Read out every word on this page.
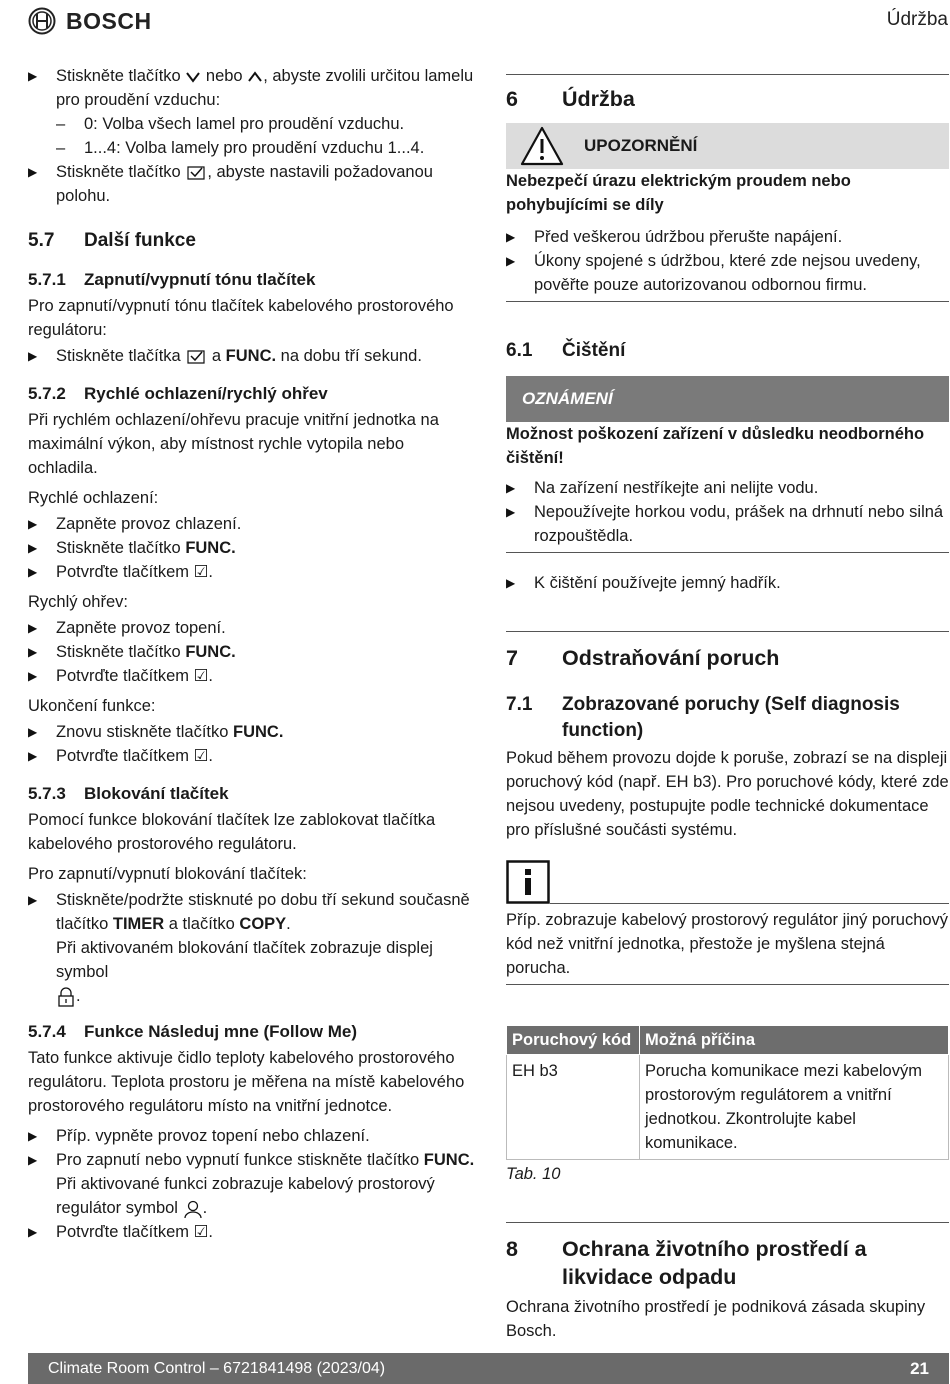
BOSCH	Údržba
▶	Stiskněte tlačítko  nebo , abyste zvolili určitou lamelu pro proudění vzduchu:
–	0: Volba všech lamel pro proudění vzduchu.
–	1...4: Volba lamely pro proudění vzduchu 1...4.
▶	Stiskněte tlačítko , abyste nastavili požadovanou polohu.
5.7	Další funkce
5.7.1	Zapnutí/vypnutí tónu tlačítek

Pro zapnutí/vypnutí tónu tlačítek kabelového prostorového regulátoru:

▶	Stiskněte tlačítka  a FUNC. na dobu tří sekund.
5.7.2	Rychlé ochlazení/rychlý ohřev

Při rychlém ochlazení/ohřevu pracuje vnitřní jednotka na maximální výkon, aby místnost rychle vytopila nebo ochladila.

Rychlé ochlazení:

▶	Zapněte provoz chlazení.
▶	Stiskněte tlačítko FUNC.
▶	Potvrďte tlačítkem ☑.

Rychlý ohřev:

▶	Zapněte provoz topení.
▶	Stiskněte tlačítko FUNC.
▶	Potvrďte tlačítkem ☑.

Ukončení funkce:

▶	Znovu stiskněte tlačítko FUNC.
▶	Potvrďte tlačítkem ☑.
5.7.3	Blokování tlačítek

Pomocí funkce blokování tlačítek lze zablokovat tlačítka kabelového prostorového regulátoru.

Pro zapnutí/vypnutí blokování tlačítek:

▶	Stiskněte/podržte stisknuté po dobu tří sekund současně tlačítko TIMER a tlačítko COPY.
Při aktivovaném blokování tlačítek zobrazuje displej symbol
.
5.7.4	Funkce Následuj mne (Follow Me)

Tato funkce aktivuje čidlo teploty kabelového prostorového regulátoru. Teplota prostoru je měřena na místě kabelového prostorového regulátoru místo na vnitřní jednotce.

▶	Příp. vypněte provoz topení nebo chlazení.
▶	Pro zapnutí nebo vypnutí funkce stiskněte tlačítko FUNC.
Při aktivované funkci zobrazuje kabelový prostorový regulátor symbol .
▶	Potvrďte tlačítkem ☑.
6	Údržba
UPOZORNĚNÍ

Nebezpečí úrazu elektrickým proudem nebo pohybujícími se díly

▶	Před veškerou údržbou přerušte napájení.
▶	Úkony spojené s údržbou, které zde nejsou uvedeny, pověřte pouze autorizovanou odbornou firmu.
6.1	Čištění
OZNÁMENÍ

Možnost poškození zařízení v důsledku neodborného čištění!

▶	Na zařízení nestříkejte ani nelijte vodu.
▶	Nepoužívejte horkou vodu, prášek na drhnutí nebo silná rozpouštědla.
▶	K čištění používejte jemný hadřík.
7	Odstraňování poruch
7.1	Zobrazované poruchy (Self diagnosis function)

Pokud během provozu dojde k poruše, zobrazí se na displeji poruchový kód (např. EH b3). Pro poruchové kódy, které zde nejsou uvedeny, postupujte podle technické dokumentace pro příslušné součásti systému.

Příp. zobrazuje kabelový prostorový regulátor jiný poruchový kód než vnitřní jednotka, přestože je myšlena stejná porucha.

Poruchový kód	Možná příčina
EH b3	Porucha komunikace mezi kabelovým prostorovým regulátorem a vnitřní jednotkou. Zkontrolujte kabel komunikace.

Tab. 10

8	Ochrana životního prostředí a likvidace odpadu

Ochrana životního prostředí je podniková zásada skupiny Bosch.

Climate Room Control – 6721841498 (2023/04)	21
